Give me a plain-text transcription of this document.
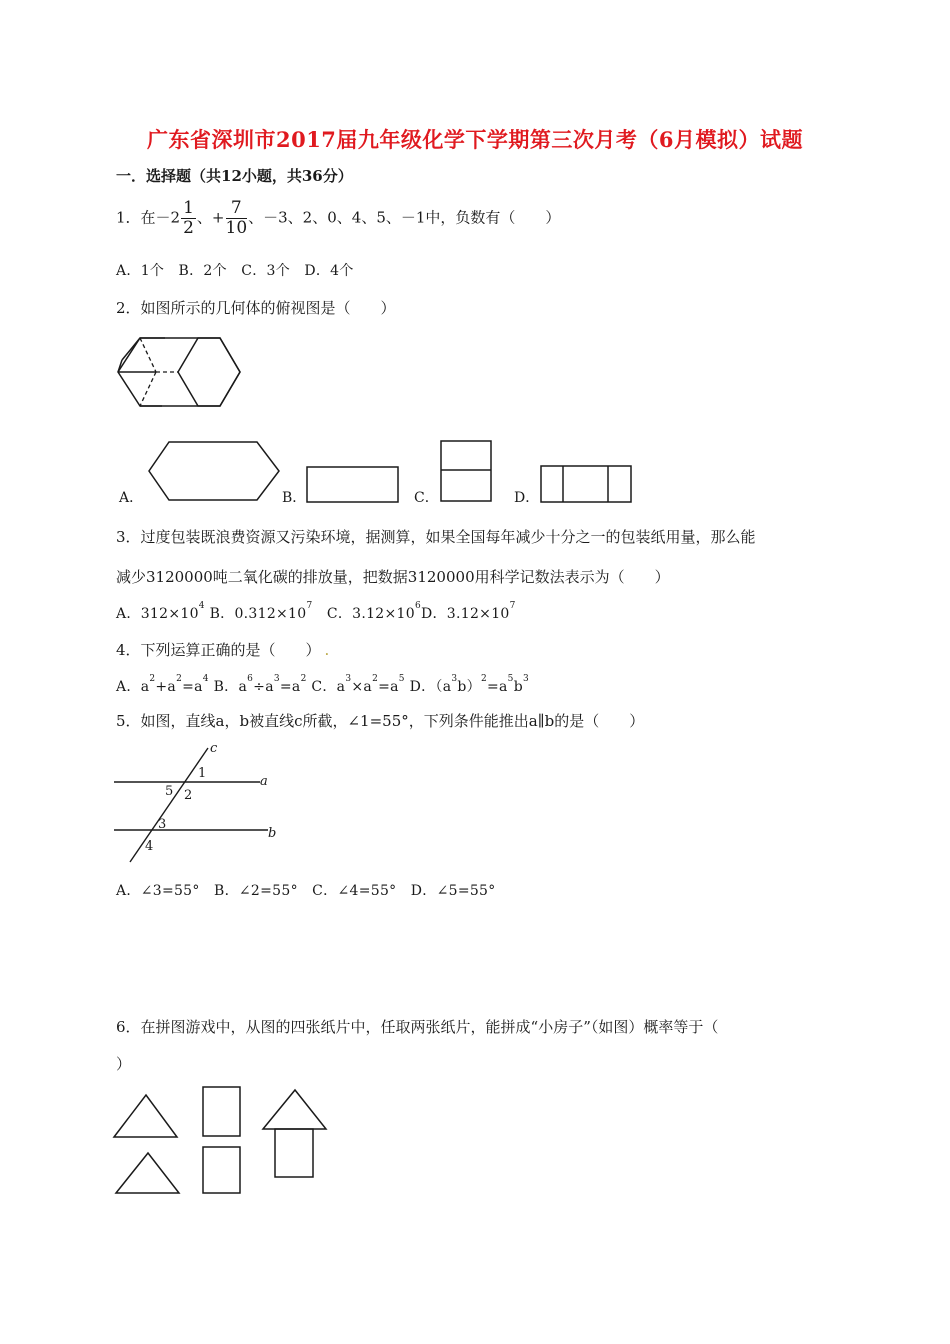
广东省深圳市2017届九年级化学下学期第三次月考（6月模拟）试题
一．选择题（共12小题，共36分）
1．在$-2 \frac{1}{2}$ 、+ $\frac{7}{10}$ 、－3、2、0、4、5、－1中，负数有（　　）
A．1个　B．2个　C．3个　D．4个
2．如图所示的几何体的俯视图是（　　）
A．	B．	C．	D．
3．过度包装既浪费资源又污染环境，据测算，如果全国每年减少十分之一的包装纸用量，那么能
减少3120000吨二氧化碳的排放量，把数据3120000用科学记数法表示为（　　）
A．$312\times 10^4$ B．$0.312\times 10^7$　C．$3.12\times 10^6D$．$3.12\times 10^7$
4．下列运算正确的是（　　） .
A．$a^2+a^2=a^4$ B．$a^6\div a^3=a^2$ C．$a^3\times a^2=a^5$ D．$(a^3b)^2=a^5b^3$
5．如图，直线a，b被直线c所截，∠1=55°，下列条件能推出a∥b的是（　　）
c
a
b
1
2
5
3
4
A．∠3=55°　B．∠2=55°　C．∠4=55°　D．∠5=55°
6．在拼图游戏中，从图的四张纸片中，任取两张纸片，能拼成“小房子”（如图）概率等于（
）
